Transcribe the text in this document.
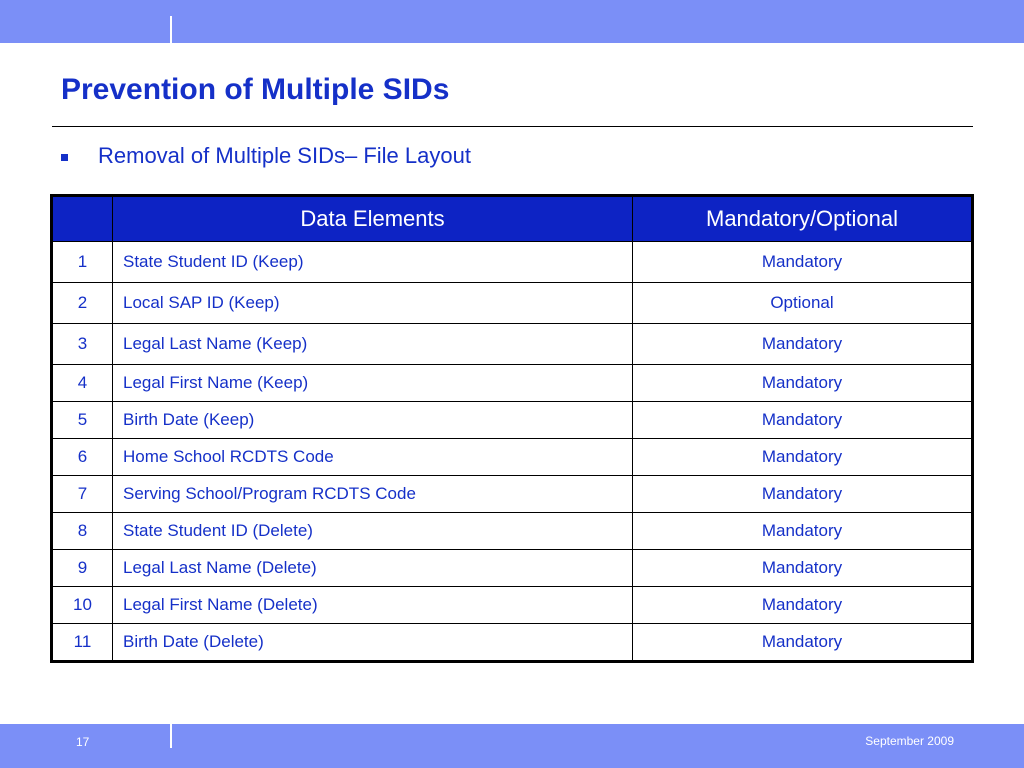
Prevention of Multiple SIDs
Removal of Multiple SIDs– File Layout
	Data Elements	Mandatory/Optional
1	State Student ID (Keep)	Mandatory
2	Local SAP ID (Keep)	Optional
3	Legal Last Name (Keep)	Mandatory
4	Legal First Name (Keep)	Mandatory
5	Birth Date (Keep)	Mandatory
6	Home School RCDTS Code	Mandatory
7	Serving School/Program RCDTS Code	Mandatory
8	State Student ID (Delete)	Mandatory
9	Legal Last Name (Delete)	Mandatory
10	Legal First Name (Delete)	Mandatory
11	Birth Date (Delete)	Mandatory
17	September 2009
